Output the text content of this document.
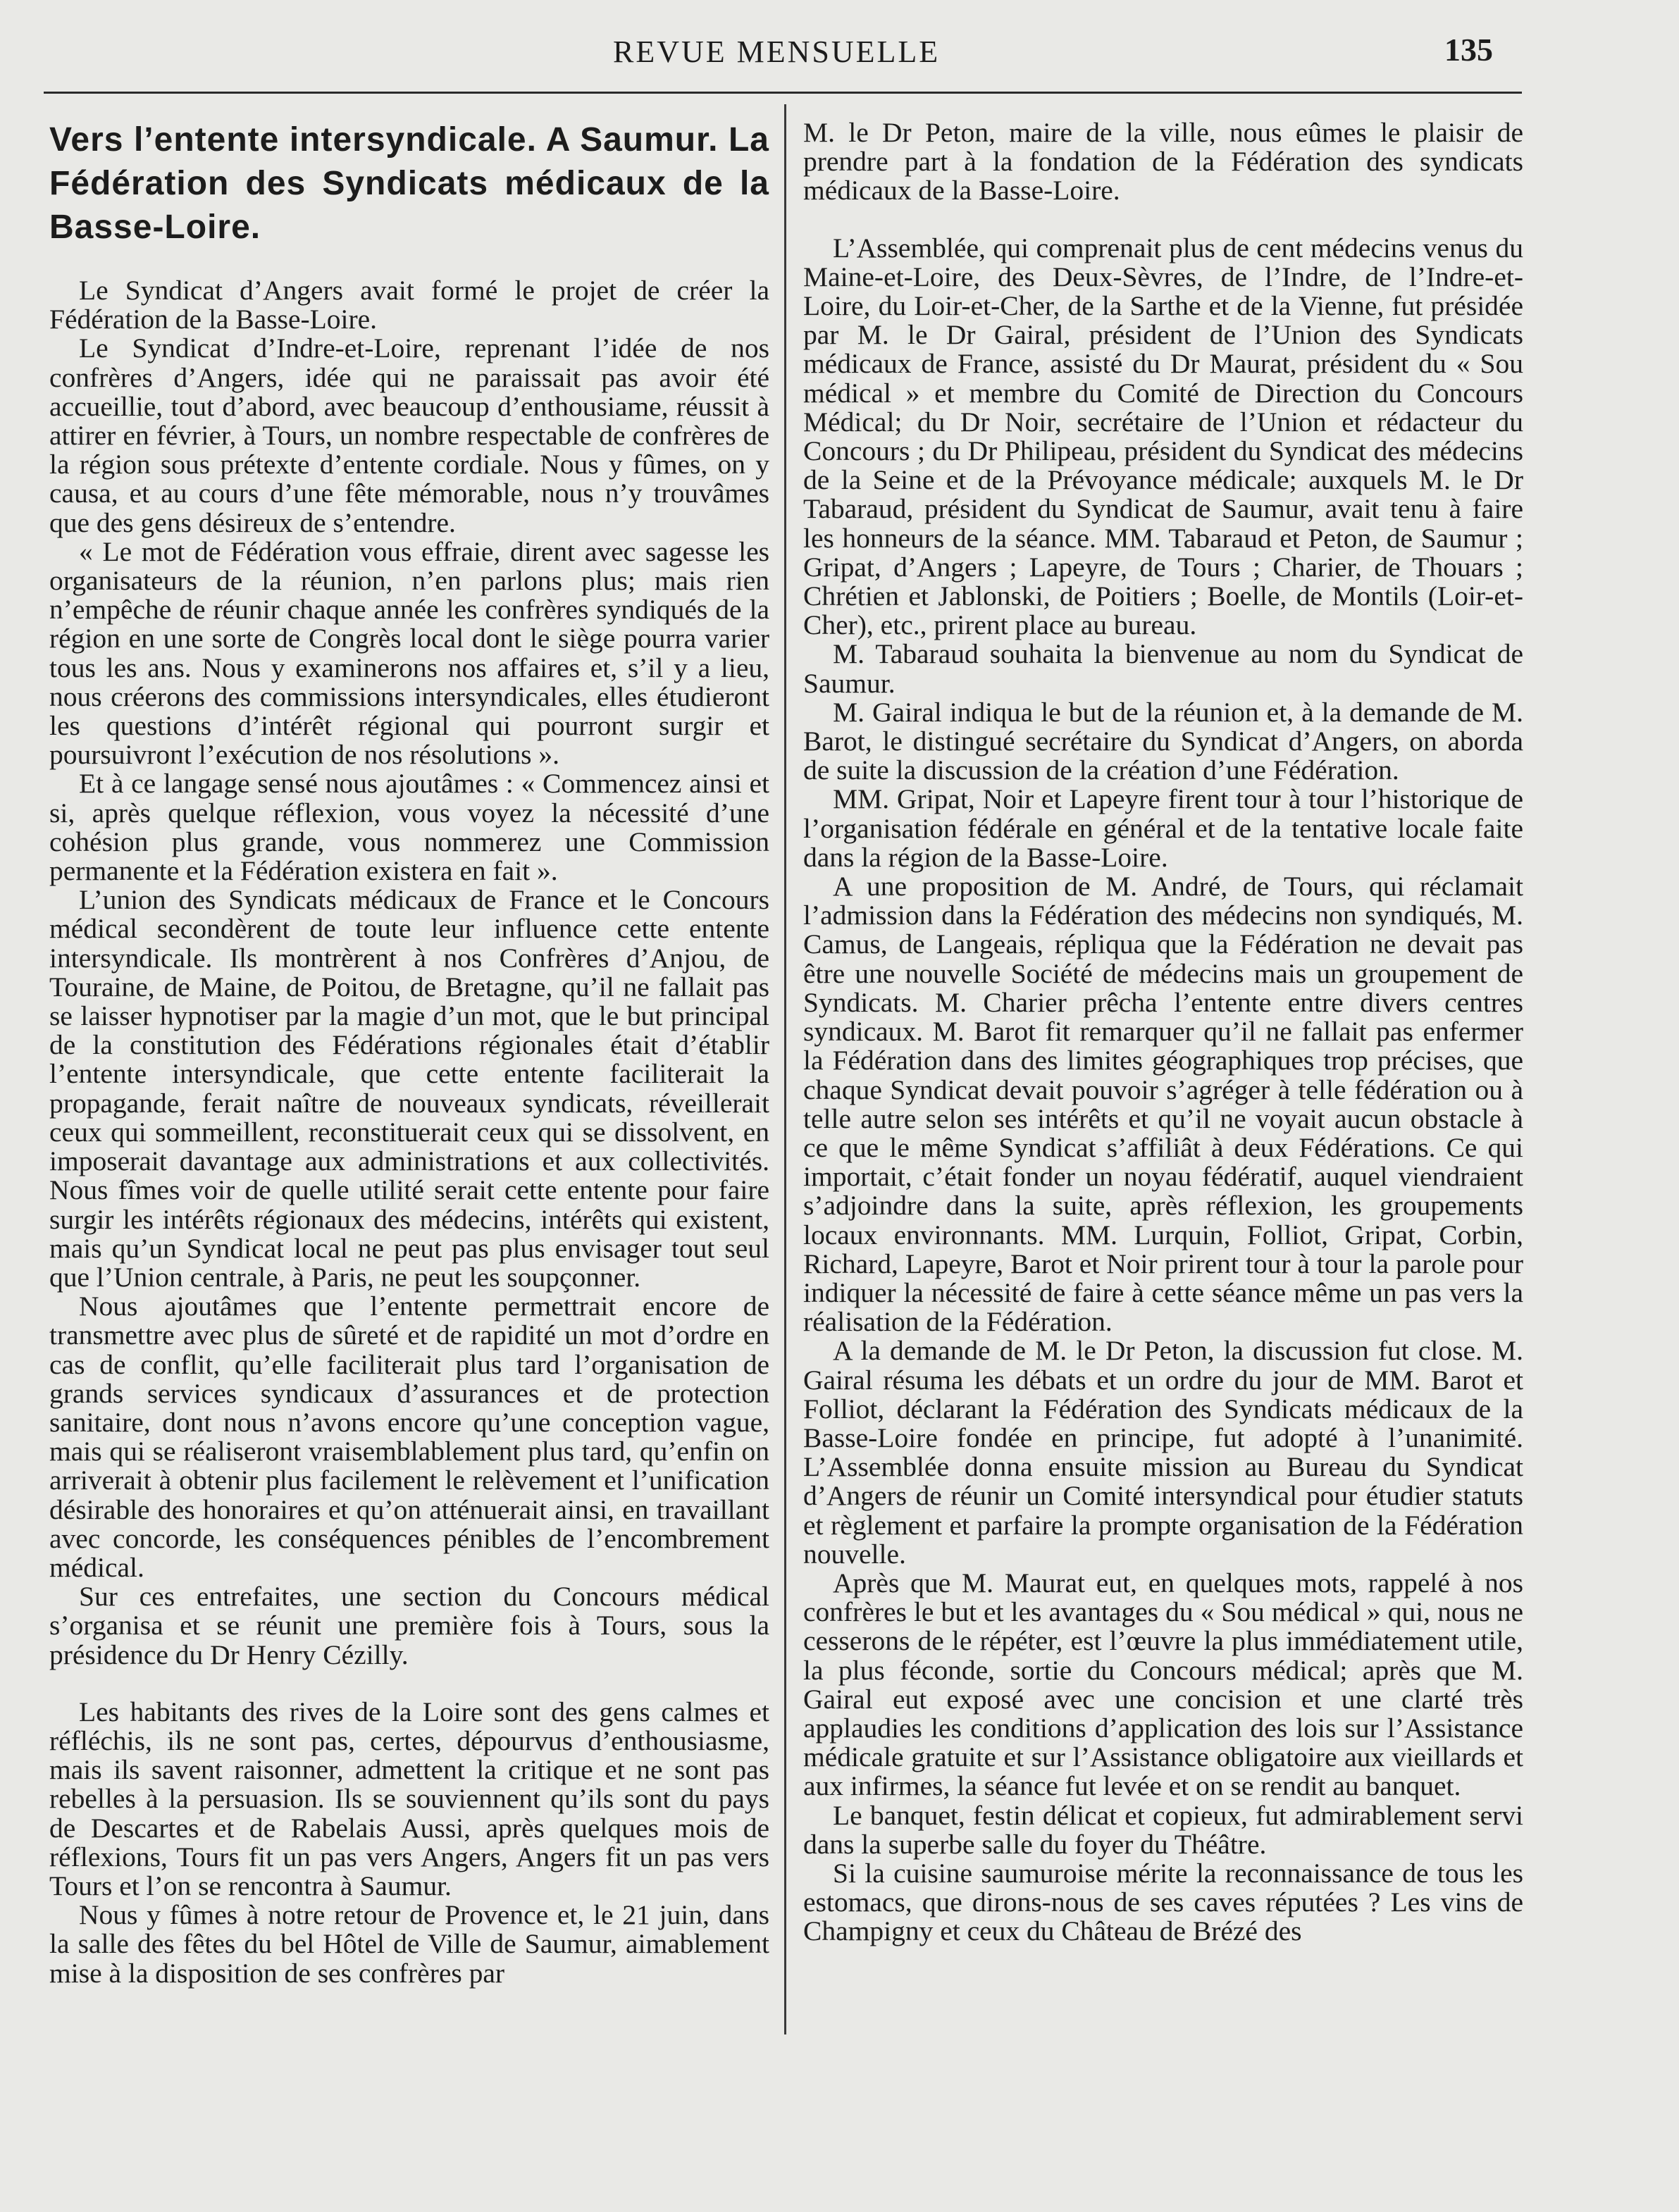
REVUE MENSUELLE	135
Vers l’entente intersyndicale. A Saumur. La Fédération des Syndicats médicaux de la Basse-Loire.

Le Syndicat d’Angers avait formé le projet de créer la Fédération de la Basse-Loire.

Le Syndicat d’Indre-et-Loire, reprenant l’idée de nos confrères d’Angers, idée qui ne paraissait pas avoir été accueillie, tout d’abord, avec beaucoup d’enthousiame, réussit à attirer en février, à Tours, un nombre respectable de confrères de la région sous prétexte d’entente cordiale. Nous y fûmes, on y causa, et au cours d’une fête mémorable, nous n’y trouvâmes que des gens désireux de s’entendre.

« Le mot de Fédération vous effraie, dirent avec sagesse les organisateurs de la réunion, n’en parlons plus; mais rien n’empêche de réunir chaque année les confrères syndiqués de la région en une sorte de Congrès local dont le siège pourra varier tous les ans. Nous y examinerons nos affaires et, s’il y a lieu, nous créerons des commissions intersyndicales, elles étudieront les questions d’intérêt régional qui pourront surgir et poursuivront l’exécution de nos résolutions ».

Et à ce langage sensé nous ajoutâmes : « Commencez ainsi et si, après quelque réflexion, vous voyez la nécessité d’une cohésion plus grande, vous nommerez une Commission permanente et la Fédération existera en fait ».

L’union des Syndicats médicaux de France et le Concours médical secondèrent de toute leur influence cette entente intersyndicale. Ils montrèrent à nos Confrères d’Anjou, de Touraine, de Maine, de Poitou, de Bretagne, qu’il ne fallait pas se laisser hypnotiser par la magie d’un mot, que le but principal de la constitution des Fédérations régionales était d’établir l’entente intersyndicale, que cette entente faciliterait la propagande, ferait naître de nouveaux syndicats, réveillerait ceux qui sommeillent, reconstituerait ceux qui se dissolvent, en imposerait davantage aux administrations et aux collectivités. Nous fîmes voir de quelle utilité serait cette entente pour faire surgir les intérêts régionaux des médecins, intérêts qui existent, mais qu’un Syndicat local ne peut pas plus envisager tout seul que l’Union centrale, à Paris, ne peut les soupçonner.

Nous ajoutâmes que l’entente permettrait encore de transmettre avec plus de sûreté et de rapidité un mot d’ordre en cas de conflit, qu’elle faciliterait plus tard l’organisation de grands services syndicaux d’assurances et de protection sanitaire, dont nous n’avons encore qu’une conception vague, mais qui se réaliseront vraisemblablement plus tard, qu’enfin on arriverait à obtenir plus facilement le relèvement et l’unification désirable des honoraires et qu’on atténuerait ainsi, en travaillant avec concorde, les conséquences pénibles de l’encombrement médical.

Sur ces entrefaites, une section du Concours médical s’organisa et se réunit une première fois à Tours, sous la présidence du Dr Henry Cézilly.

Les habitants des rives de la Loire sont des gens calmes et réfléchis, ils ne sont pas, certes, dépourvus d’enthousiasme, mais ils savent raisonner, admettent la critique et ne sont pas rebelles à la persuasion. Ils se souviennent qu’ils sont du pays de Descartes et de Rabelais Aussi, après quelques mois de réflexions, Tours fit un pas vers Angers, Angers fit un pas vers Tours et l’on se rencontra à Saumur.

Nous y fûmes à notre retour de Provence et, le 21 juin, dans la salle des fêtes du bel Hôtel de Ville de Saumur, aimablement mise à la disposition de ses confrères par

M. le Dr Peton, maire de la ville, nous eûmes le plaisir de prendre part à la fondation de la Fédération des syndicats médicaux de la Basse-Loire.

L’Assemblée, qui comprenait plus de cent médecins venus du Maine-et-Loire, des Deux-Sèvres, de l’Indre, de l’Indre-et-Loire, du Loir-et-Cher, de la Sarthe et de la Vienne, fut présidée par M. le Dr Gairal, président de l’Union des Syndicats médicaux de France, assisté du Dr Maurat, président du « Sou médical » et membre du Comité de Direction du Concours Médical; du Dr Noir, secrétaire de l’Union et rédacteur du Concours ; du Dr Philipeau, président du Syndicat des médecins de la Seine et de la Prévoyance médicale; auxquels M. le Dr Tabaraud, président du Syndicat de Saumur, avait tenu à faire les honneurs de la séance. MM. Tabaraud et Peton, de Saumur ; Gripat, d’Angers ; Lapeyre, de Tours ; Charier, de Thouars ; Chrétien et Jablonski, de Poitiers ; Boelle, de Montils (Loir-et-Cher), etc., prirent place au bureau.

M. Tabaraud souhaita la bienvenue au nom du Syndicat de Saumur.

M. Gairal indiqua le but de la réunion et, à la demande de M. Barot, le distingué secrétaire du Syndicat d’Angers, on aborda de suite la discussion de la création d’une Fédération.

MM. Gripat, Noir et Lapeyre firent tour à tour l’historique de l’organisation fédérale en général et de la tentative locale faite dans la région de la Basse-Loire.

A une proposition de M. André, de Tours, qui réclamait l’admission dans la Fédération des médecins non syndiqués, M. Camus, de Langeais, répliqua que la Fédération ne devait pas être une nouvelle Société de médecins mais un groupement de Syndicats. M. Charier prêcha l’entente entre divers centres syndicaux. M. Barot fit remarquer qu’il ne fallait pas enfermer la Fédération dans des limites géographiques trop précises, que chaque Syndicat devait pouvoir s’agréger à telle fédération ou à telle autre selon ses intérêts et qu’il ne voyait aucun obstacle à ce que le même Syndicat s’affiliât à deux Fédérations. Ce qui importait, c’était fonder un noyau fédératif, auquel viendraient s’adjoindre dans la suite, après réflexion, les groupements locaux environnants. MM. Lurquin, Folliot, Gripat, Corbin, Richard, Lapeyre, Barot et Noir prirent tour à tour la parole pour indiquer la nécessité de faire à cette séance même un pas vers la réalisation de la Fédération.

A la demande de M. le Dr Peton, la discussion fut close. M. Gairal résuma les débats et un ordre du jour de MM. Barot et Folliot, déclarant la Fédération des Syndicats médicaux de la Basse-Loire fondée en principe, fut adopté à l’unanimité. L’Assemblée donna ensuite mission au Bureau du Syndicat d’Angers de réunir un Comité intersyndical pour étudier statuts et règlement et parfaire la prompte organisation de la Fédération nouvelle.

Après que M. Maurat eut, en quelques mots, rappelé à nos confrères le but et les avantages du « Sou médical » qui, nous ne cesserons de le répéter, est l’œuvre la plus immédiatement utile, la plus féconde, sortie du Concours médical; après que M. Gairal eut exposé avec une concision et une clarté très applaudies les conditions d’application des lois sur l’Assistance médicale gratuite et sur l’Assistance obligatoire aux vieillards et aux infirmes, la séance fut levée et on se rendit au banquet.

Le banquet, festin délicat et copieux, fut admirablement servi dans la superbe salle du foyer du Théâtre.

Si la cuisine saumuroise mérite la reconnaissance de tous les estomacs, que dirons-nous de ses caves réputées ? Les vins de Champigny et ceux du Château de Brézé des
